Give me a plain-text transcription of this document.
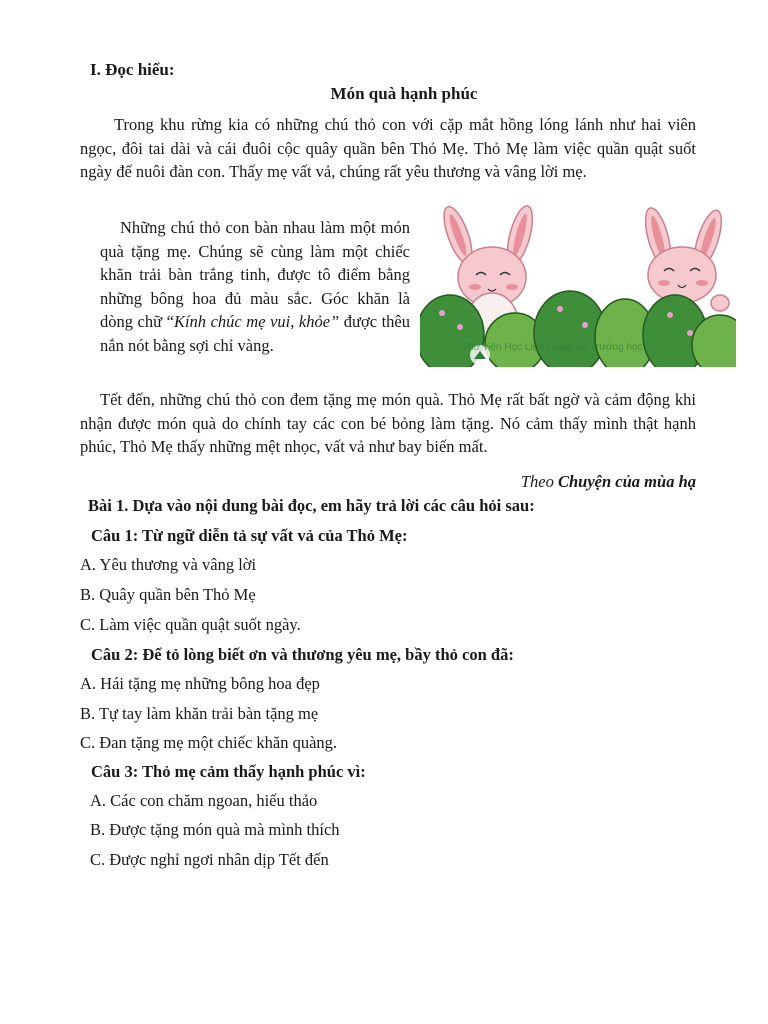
I. Đọc hiểu:
Món quà hạnh phúc
Trong khu rừng kia có những chú thỏ con với cặp mắt hồng lóng lánh như hai viên ngọc, đôi tai dài và cái đuôi cộc quây quần bên Thỏ Mẹ. Thỏ Mẹ làm việc quần quật suốt ngày để nuôi đàn con. Thấy mẹ vất vả, chúng rất yêu thương và vâng lời mẹ.
Những chú thỏ con bàn nhau làm một món quà tặng mẹ. Chúng sẽ cùng làm một chiếc khăn trải bàn trắng tinh, được tô điểm bằng những bông hoa đủ màu sắc. Góc khăn là dòng chữ “Kính chúc mẹ vui, khỏe” được thêu nắn nót bằng sợi chỉ vàng.	Thư viện Học Liệu - Giáo án Trường học
Tết đến, những chú thỏ con đem tặng mẹ món quà. Thỏ Mẹ rất bất ngờ và cảm động khi nhận được món quà do chính tay các con bé bỏng làm tặng. Nó cảm thấy mình thật hạnh phúc, Thỏ Mẹ thấy những mệt nhọc, vất vả như bay biến mất.
Theo Chuyện của mùa hạ
Bài 1. Dựa vào nội dung bài đọc, em hãy trả lời các câu hỏi sau:
Câu 1: Từ ngữ diễn tả sự vất vả của Thỏ Mẹ:
A. Yêu thương và vâng lời
B. Quây quần bên Thỏ Mẹ
C. Làm việc quần quật suốt ngày.
Câu 2: Để tỏ lòng biết ơn và thương yêu mẹ, bầy thỏ con đã:
A. Hái tặng mẹ những bông hoa đẹp
B. Tự tay làm khăn trải bàn tặng mẹ
C. Đan tặng mẹ một chiếc khăn quàng.
Câu 3: Thỏ mẹ cảm thấy hạnh phúc vì:
A. Các con chăm ngoan, hiếu thảo
B. Được tặng món quà mà mình thích
C. Được nghỉ ngơi nhân dịp Tết đến
